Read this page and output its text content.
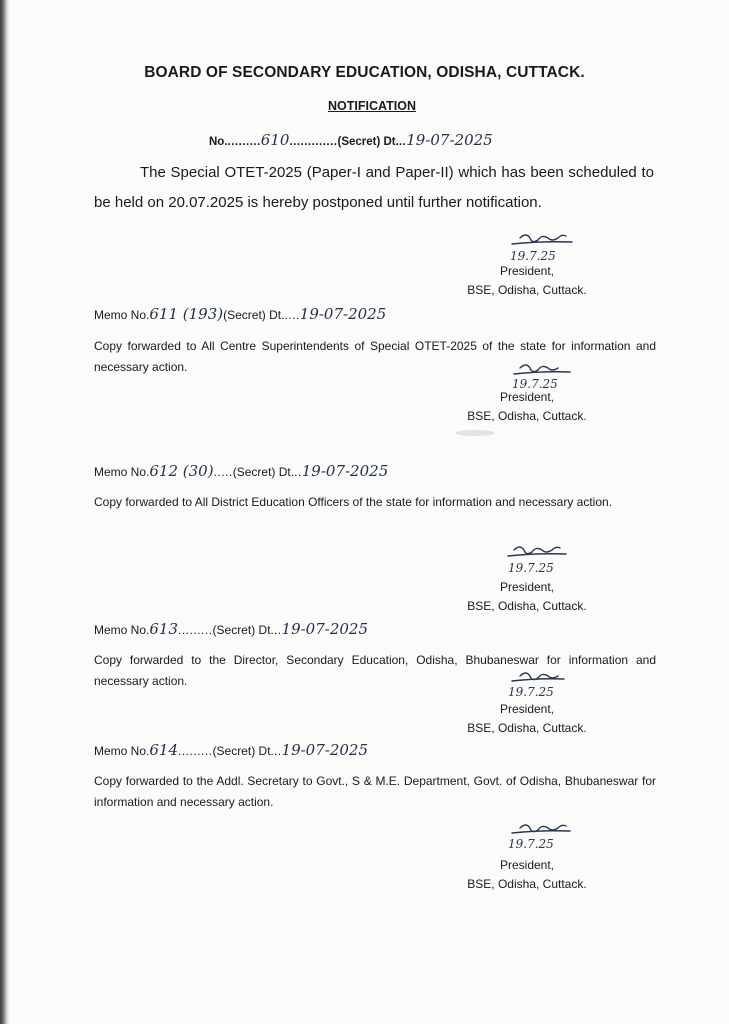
BOARD OF SECONDARY EDUCATION, ODISHA, CUTTACK.
NOTIFICATION
No..........610.............(Secret) Dt...19-07-2025
The Special OTET-2025 (Paper-I and Paper-II) which has been scheduled to be held on 20.07.2025 is hereby postponed until further notification.
19.7.25
President,
BSE, Odisha, Cuttack.
Memo No.611 (193)(Secret) Dt.....19-07-2025
Copy forwarded to All Centre Superintendents of Special OTET-2025 of the state for information and necessary action.
19.7.25
President,
BSE, Odisha, Cuttack.
Memo No.612 (30).....(Secret) Dt...19-07-2025
Copy forwarded to All District Education Officers of the state for information and necessary action.
19.7.25
President,
BSE, Odisha, Cuttack.
Memo No.613.........(Secret) Dt...19-07-2025
Copy forwarded to the Director, Secondary Education, Odisha, Bhubaneswar for information and necessary action.
19.7.25
President,
BSE, Odisha, Cuttack.
Memo No.614.........(Secret) Dt...19-07-2025
Copy forwarded to the Addl. Secretary to Govt., S & M.E. Department, Govt. of Odisha, Bhubaneswar for information and necessary action.
19.7.25
President,
BSE, Odisha, Cuttack.
